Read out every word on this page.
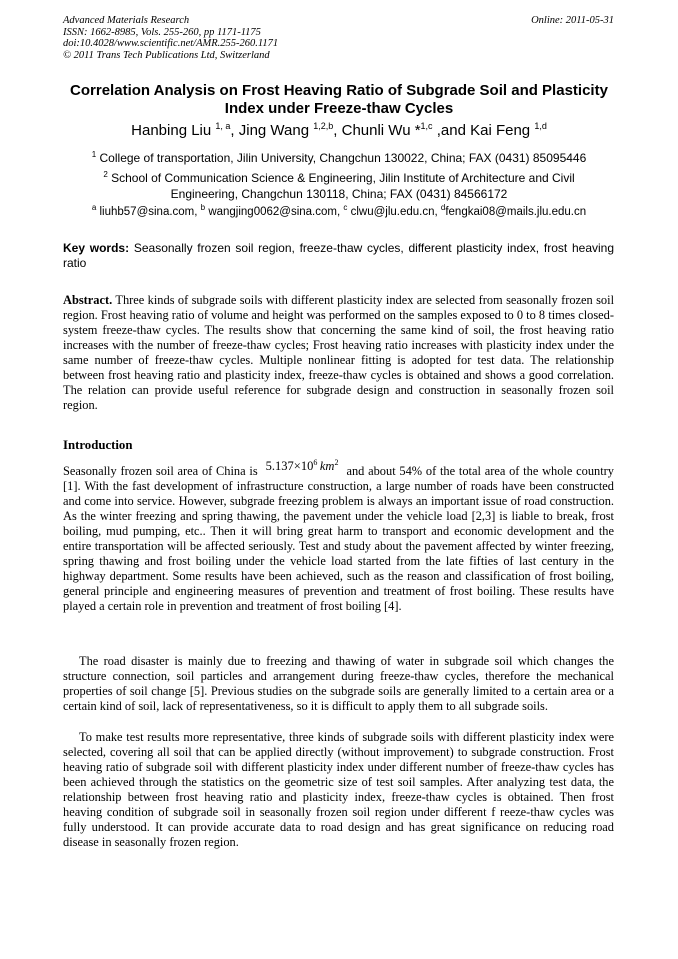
Advanced Materials Research
ISSN: 1662-8985, Vols. 255-260, pp 1171-1175
doi:10.4028/www.scientific.net/AMR.255-260.1171
© 2011 Trans Tech Publications Ltd, Switzerland
Online: 2011-05-31
Correlation Analysis on Frost Heaving Ratio of Subgrade Soil and Plasticity Index under Freeze-thaw Cycles
Hanbing Liu $^{1, a}$, Jing Wang $^{1,2,b}$, Chunli Wu *$^{1,c}$ ,and Kai Feng $^{1,d}$
$^1$ College of transportation, Jilin University, Changchun 130022, China; FAX (0431) 85095446
$^2$ School of Communication Science & Engineering, Jilin Institute of Architecture and Civil Engineering, Changchun 130118, China; FAX (0431) 84566172
$^a$ liuhb57@sina.com, $^b$ wangjing0062@sina.com, $^c$ clwu@jlu.edu.cn, $^d$fengkai08@mails.jlu.edu.cn
Key words: Seasonally frozen soil region, freeze-thaw cycles, different plasticity index, frost heaving ratio
Abstract. Three kinds of subgrade soils with different plasticity index are selected from seasonally frozen soil region. Frost heaving ratio of volume and height was performed on the samples exposed to 0 to 8 times closed-system freeze-thaw cycles. The results show that concerning the same kind of soil, the frost heaving ratio increases with the number of freeze-thaw cycles; Frost heaving ratio increases with plasticity index under the same number of freeze-thaw cycles. Multiple nonlinear fitting is adopted for test data. The relationship between frost heaving ratio and plasticity index, freeze-thaw cycles is obtained and shows a good correlation. The relation can provide useful reference for subgrade design and construction in seasonally frozen soil region.
Introduction
Seasonally frozen soil area of China is $5.137\times 10^6$  $km^2and$ about 54% of the total area of the whole country [1]. With the fast development of infrastructure construction, a large number of roads have been constructed and come into service. However, subgrade freezing problem is always an important issue of road construction. As the winter freezing and spring thawing, the pavement under the vehicle load [2,3] is liable to break, frost boiling, mud pumping, etc.. Then it will bring great harm to transport and economic development and the entire transportation will be affected seriously. Test and study about the pavement affected by winter freezing, spring thawing and frost boiling under the vehicle load started from the late fifties of last century in the highway department. Some results have been achieved, such as the reason and classification of frost boiling, general principle and engineering measures of prevention and treatment of frost boiling. These results have played a certain role in prevention and treatment of frost boiling [4].
The road disaster is mainly due to freezing and thawing of water in subgrade soil which changes the structure connection, soil particles and arrangement during freeze-thaw cycles, therefore the mechanical properties of soil change [5]. Previous studies on the subgrade soils are generally limited to a certain area or a certain kind of soil, lack of representativeness, so it is difficult to apply them to all subgrade soils.
To make test results more representative, three kinds of subgrade soils with different plasticity index were selected, covering all soil that can be applied directly (without improvement) to subgrade construction. Frost heaving ratio of subgrade soil with different plasticity index under different number of freeze-thaw cycles has been achieved through the statistics on the geometric size of test soil samples. After analyzing test data, the relationship between frost heaving ratio and plasticity index, freeze-thaw cycles is obtained. Then frost heaving condition of subgrade soil in seasonally frozen soil region under different f reeze-thaw cycles was fully understood. It can provide accurate data to road design and has great significance on reducing road disease in seasonally frozen region.
